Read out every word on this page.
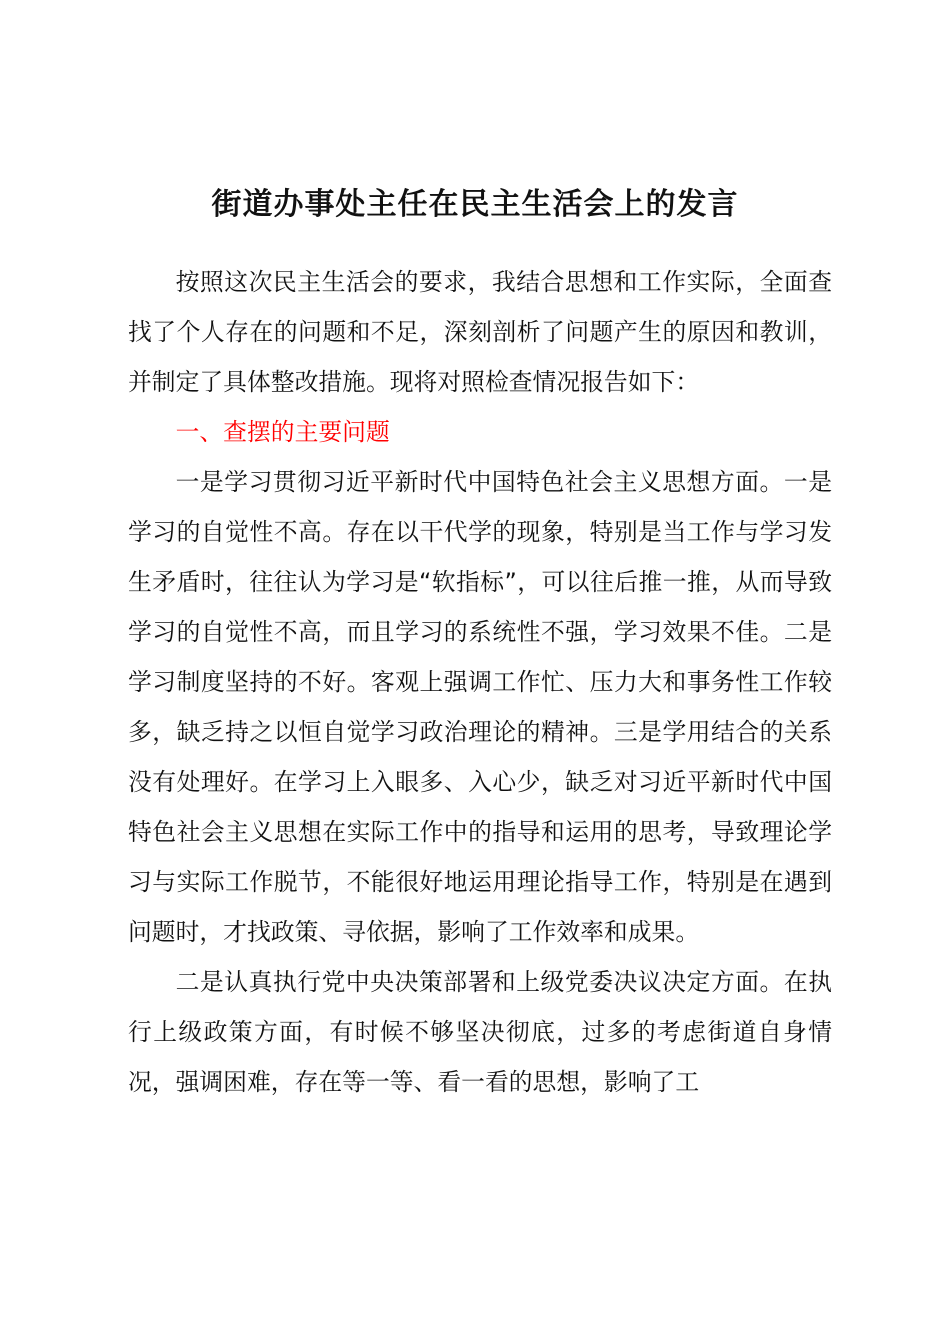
街道办事处主任在民主生活会上的发言

按照这次民主生活会的要求，我结合思想和工作实际，全面查找了个人存在的问题和不足，深刻剖析了问题产生的原因和教训，并制定了具体整改措施。现将对照检查情况报告如下：

一、查摆的主要问题

一是学习贯彻习近平新时代中国特色社会主义思想方面。一是学习的自觉性不高。存在以干代学的现象，特别是当工作与学习发生矛盾时，往往认为学习是“软指标”，可以往后推一推，从而导致学习的自觉性不高，而且学习的系统性不强，学习效果不佳。二是学习制度坚持的不好。客观上强调工作忙、压力大和事务性工作较多，缺乏持之以恒自觉学习政治理论的精神。三是学用结合的关系没有处理好。在学习上入眼多、入心少，缺乏对习近平新时代中国特色社会主义思想在实际工作中的指导和运用的思考，导致理论学习与实际工作脱节，不能很好地运用理论指导工作，特别是在遇到问题时，才找政策、寻依据，影响了工作效率和成果。

二是认真执行党中央决策部署和上级党委决议决定方面。在执行上级政策方面，有时候不够坚决彻底，过多的考虑街道自身情况，强调困难，存在等一等、看一看的思想，影响了工
